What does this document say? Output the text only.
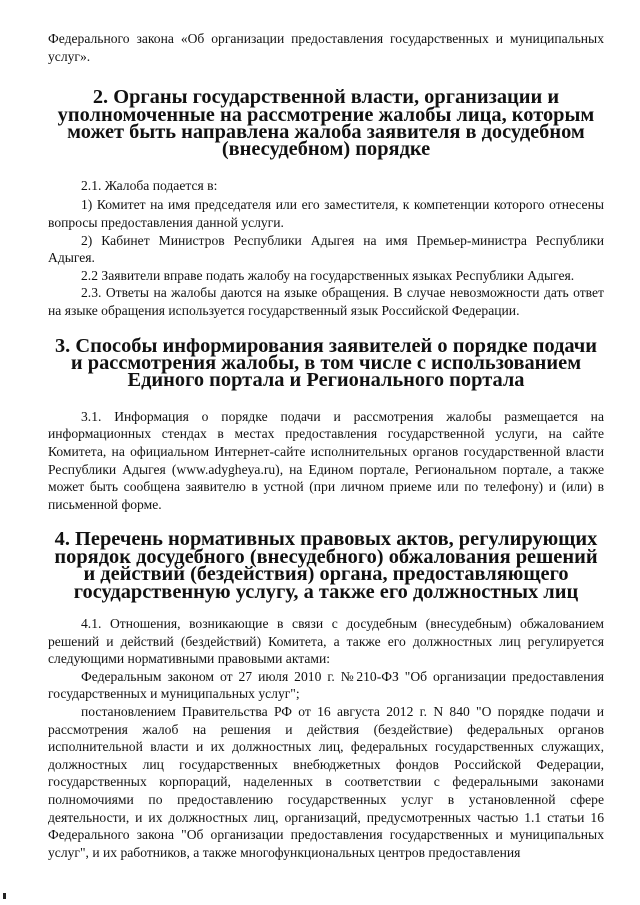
Федерального закона «Об организации предоставления государственных и муниципальных услуг».

2. Органы государственной власти, организации и уполномоченные на рассмотрение жалобы лица, которым может быть направлена жалоба заявителя в досудебном (внесудебном) порядке

2.1. Жалоба подается в:

1) Комитет на имя председателя или его заместителя, к компетенции которого отнесены вопросы предоставления данной услуги.

2) Кабинет Министров Республики Адыгея на имя Премьер-министра Республики Адыгея.

2.2 Заявители вправе подать жалобу на государственных языках Республики Адыгея.

2.3. Ответы на жалобы даются на языке обращения. В случае невозможности дать ответ на языке обращения используется государственный язык Российской Федерации.

3. Способы информирования заявителей о порядке подачи и рассмотрения жалобы, в том числе с использованием Единого портала и Регионального портала

3.1. Информация о порядке подачи и рассмотрения жалобы размещается на информационных стендах в местах предоставления государственной услуги, на сайте Комитета, на официальном Интернет-сайте исполнительных органов государственной власти Республики Адыгея (www.adygheya.ru), на Едином портале, Региональном портале, а также может быть сообщена заявителю в устной (при личном приеме или по телефону) и (или) в письменной форме.

4. Перечень нормативных правовых актов, регулирующих порядок досудебного (внесудебного) обжалования решений и действий (бездействия) органа, предоставляющего государственную услугу, а также его должностных лиц

4.1. Отношения, возникающие в связи с досудебным (внесудебным) обжалованием решений и действий (бездействий) Комитета, а также его должностных лиц регулируется следующими нормативными правовыми актами:

Федеральным законом от 27 июля 2010 г. №210-ФЗ "Об организации предоставления государственных и муниципальных услуг";

постановлением Правительства РФ от 16 августа 2012 г. N 840 "О порядке подачи и рассмотрения жалоб на решения и действия (бездействие) федеральных органов исполнительной власти и их должностных лиц, федеральных государственных служащих, должностных лиц государственных внебюджетных фондов Российской Федерации, государственных корпораций, наделенных в соответствии с федеральными законами полномочиями по предоставлению государственных услуг в установленной сфере деятельности, и их должностных лиц, организаций, предусмотренных частью 1.1 статьи 16 Федерального закона "Об организации предоставления государственных и муниципальных услуг", и их работников, а также многофункциональных центров предоставления
